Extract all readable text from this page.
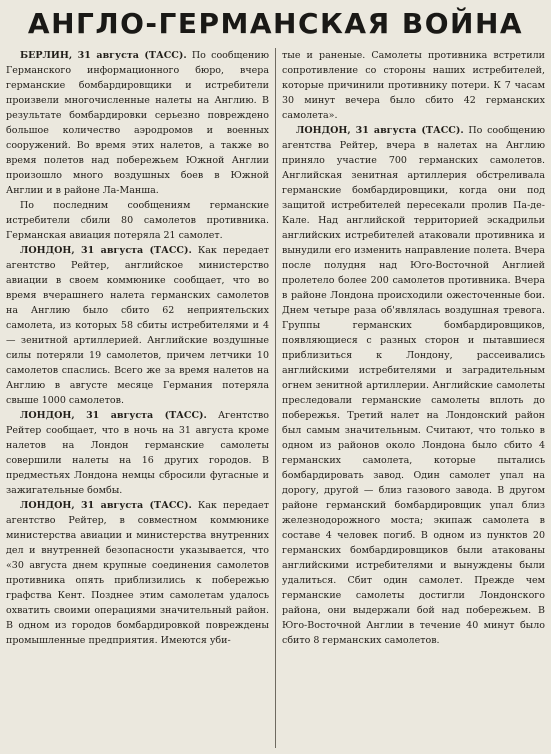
АНГЛО-ГЕРМАНСКАЯ ВОЙНА

БЕРЛИН, 31 августа (ТАСС). По сообщению Германского информационного бюро, вчера германские бомбардировщики и истребители произвели многочисленные налеты на Англию. В результате бомбардировки серьезно повреждено большое количество аэродромов и военных сооружений. Во время этих налетов, а также во время полетов над побережьем Южной Англии произошло много воздушных боев в Южной Англии и в районе Ла-Манша.

По последним сообщениям германские истребители сбили 80 самолетов противника. Германская авиация потеряла 21 самолет.

ЛОНДОН, 31 августа (ТАСС). Как передает агентство Рейтер, английское министерство авиации в своем коммюнике сообщает, что во время вчерашнего налета германских самолетов на Англию было сбито 62 неприятельских самолета, из которых 58 сбиты истребителями и 4 — зенитной артиллерией. Английские воздушные силы потеряли 19 самолетов, причем летчики 10 самолетов спаслись. Всего же за время налетов на Англию в августе месяце Германия потеряла свыше 1000 самолетов.

ЛОНДОН, 31 августа (ТАСС). Агентство Рейтер сообщает, что в ночь на 31 августа кроме налетов на Лондон германские самолеты совершили налеты на 16 других городов. В предместьях Лондона немцы сбросили фугасные и зажигательные бомбы.

ЛОНДОН, 31 августа (ТАСС). Как передает агентство Рейтер, в совместном коммюнике министерства авиации и министерства внутренних дел и внутренней безопасности указывается, что «30 августа днем крупные соединения самолетов противника опять приблизились к побережью графства Кент. Позднее этим самолетам удалось охватить своими операциями значительный район. В одном из городов бомбардировкой повреждены промышленные предприятия. Имеются уби-

тые и раненые. Самолеты противника встретили сопротивление со стороны наших истребителей, которые причинили противнику потери. К 7 часам 30 минут вечера было сбито 42 германских самолета».

ЛОНДОН, 31 августа (ТАСС). По сообщению агентства Рейтер, вчера в налетах на Англию приняло участие 700 германских самолетов. Английская зенитная артиллерия обстреливала германские бомбардировщики, когда они под защитой истребителей пересекали пролив Па-де-Кале. Над английской территорией эскадрильи английских истребителей атаковали противника и вынудили его изменить направление полета. Вчера после полудня над Юго-Восточной Англией пролетело более 200 самолетов противника. Вчера в районе Лондона происходили ожесточенные бои. Днем четыре раза об'являлась воздушная тревога. Группы германских бомбардировщиков, появляющиеся с разных сторон и пытавшиеся приблизиться к Лондону, рассеивались английскими истребителями и заградительным огнем зенитной артиллерии. Английские самолеты преследовали германские самолеты вплоть до побережья. Третий налет на Лондонский район был самым значительным. Считают, что только в одном из районов около Лондона было сбито 4 германских самолета, которые пытались бомбардировать завод. Один самолет упал на дорогу, другой — близ газового завода. В другом районе германский бомбардировщик упал близ железнодорожного моста; экипаж самолета в составе 4 человек погиб. В одном из пунктов 20 германских бомбардировщиков были атакованы английскими истребителями и вынуждены были удалиться. Сбит один самолет. Прежде чем германские самолеты достигли Лондонского района, они выдержали бой над побережьем. В Юго-Восточной Англии в течение 40 минут было сбито 8 германских самолетов.
